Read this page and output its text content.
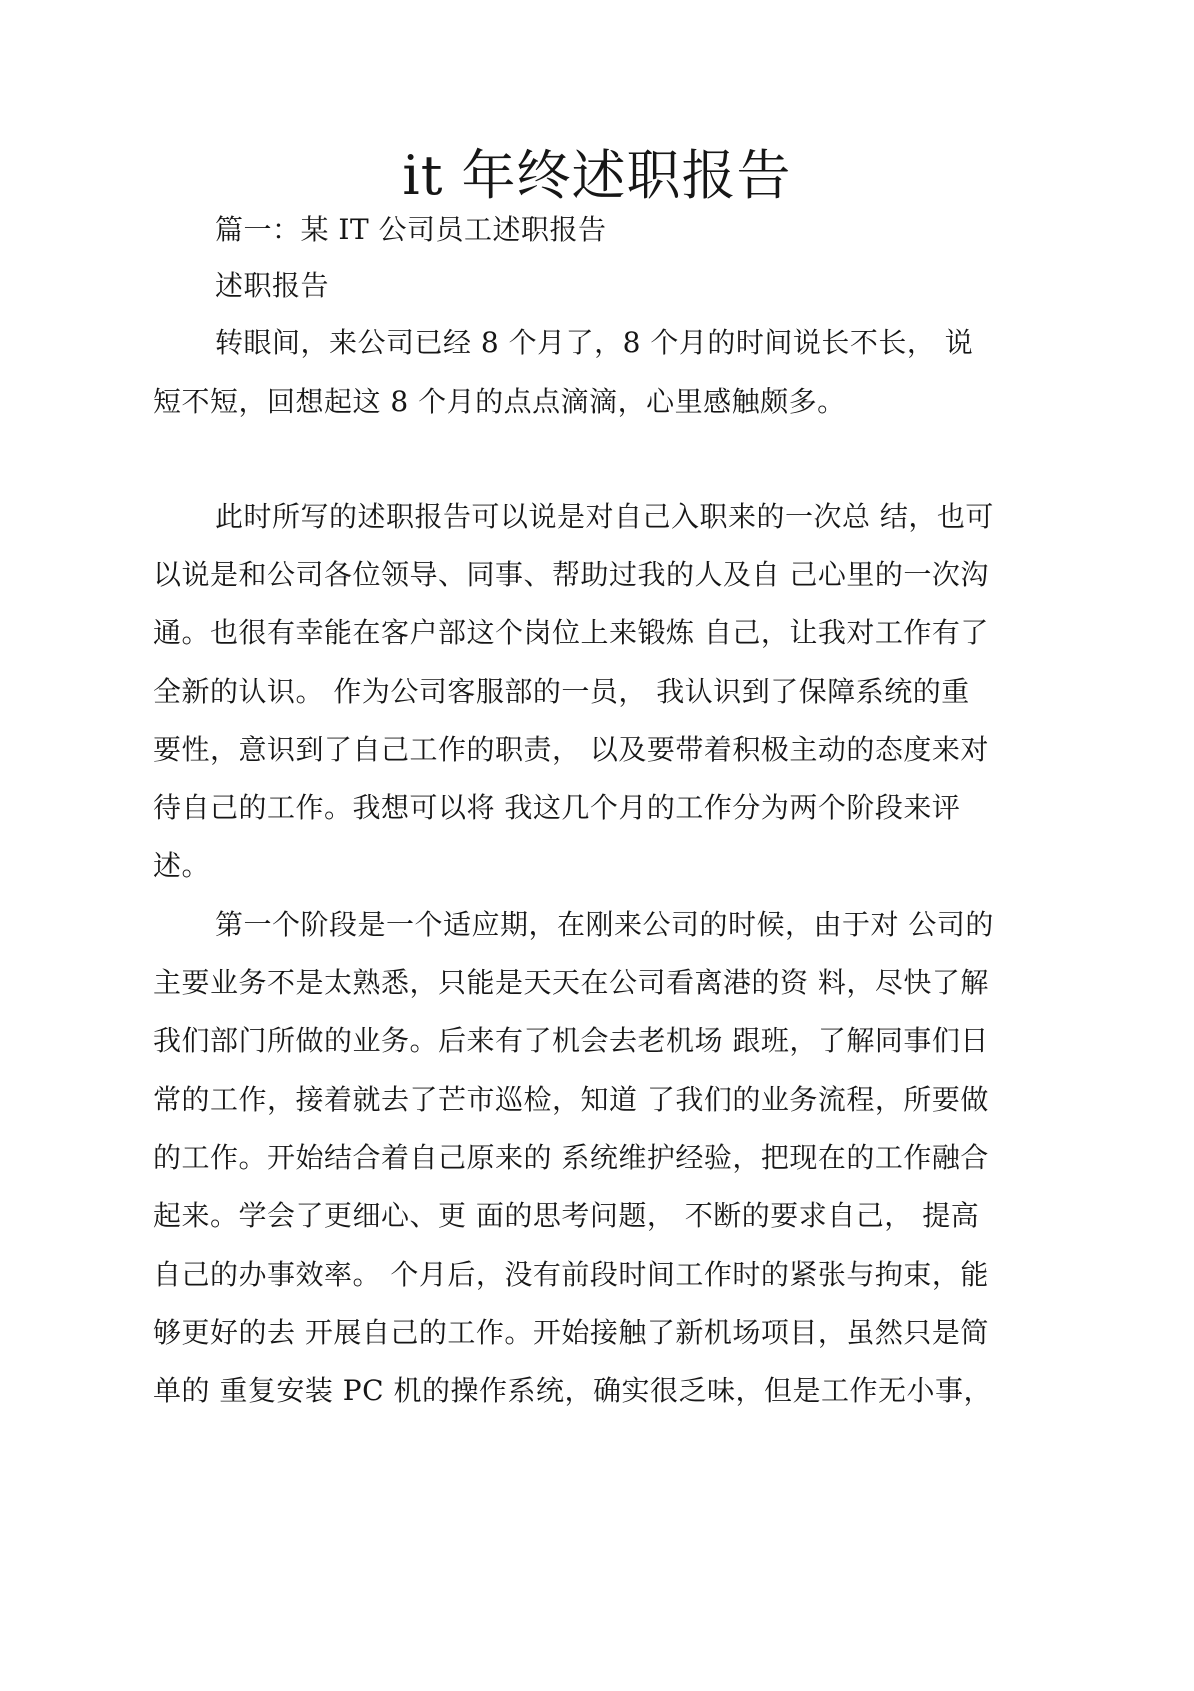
it 年终述职报告
篇一：某 IT 公司员工述职报告
述职报告
转眼间，来公司已经 8 个月了，8 个月的时间说长不长， 说
短不短，回想起这 8 个月的点点滴滴，心里感触颇多。
此时所写的述职报告可以说是对自己入职来的一次总 结，也可
以说是和公司各位领导、同事、帮助过我的人及自 己心里的一次沟
通。也很有幸能在客户部这个岗位上来锻炼 自己，让我对工作有了
全新的认识。 作为公司客服部的一员， 我认识到了保障系统的重
要性，意识到了自己工作的职责， 以及要带着积极主动的态度来对
待自己的工作。我想可以将 我这几个月的工作分为两个阶段来评
述。
第一个阶段是一个适应期，在刚来公司的时候，由于对 公司的
主要业务不是太熟悉，只能是天天在公司看离港的资 料，尽快了解
我们部门所做的业务。后来有了机会去老机场 跟班，了解同事们日
常的工作，接着就去了芒市巡检，知道 了我们的业务流程，所要做
的工作。开始结合着自己原来的 系统维护经验，把现在的工作融合
起来。学会了更细心、更 面的思考问题， 不断的要求自己， 提高
自己的办事效率。 个月后，没有前段时间工作时的紧张与拘束，能
够更好的去 开展自己的工作。开始接触了新机场项目，虽然只是简
单的 重复安装 PC 机的操作系统，确实很乏味，但是工作无小事，
